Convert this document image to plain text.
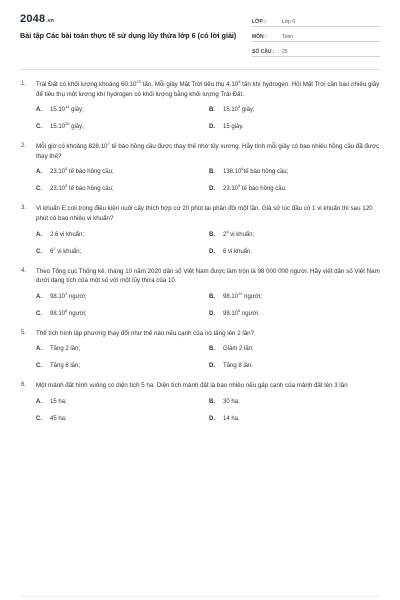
2048.vn
Bài tập Các bài toán thực tế sử dụng lũy thừa lớp 6 (có lời giải)
LỚP :	Lớp 6
MÔN :	Toán
SỐ CÂU :	25
1.	Trái Đất có khối lượng khoảng 60.10$^{20}$ tấn. Mỗi giây Mặt Trời tiêu thụ 4.10$^6$ tấn khí hydrogen. Hỏi Mặt Trời cần bao nhiêu giây để tiêu thụ một lượng khí hydrogen có khối lượng bằng khối lượng Trái Đất.
A.	15.10$^{14}$ giây;	B.	15.10$^3$ giây;
C.	15.10$^{26}$ giây;	D.	15 giây.
2.	Mỗi giờ có khoảng 828.10$^7$ tế bào hồng cầu được thay thế nhờ tủy xương. Hãy tính mỗi giây có bao nhiêu hồng cầu đã được thay thế?
A.	23.10$^5$ tế bào hồng cầu;	B.	138.10$^6$tế bào hồng cầu;
C.	23.10$^3$ tế bào hồng cầu;	D.	23.10$^9$ tế bào hồng cầu.
3.	Vi khuẩn E.coli trong điều kiện nuôi cấy thích hợp cứ 20 phút lại phân đôi một lần. Giả sử lúc đầu có 1 vi khuẩn thì sau 120 phút có bao nhiêu vi khuẩn?
A.	2.6 vi khuẩn;	B.	$2^6$ vi khuẩn;
C.	$6^2$ vi khuẩn;	D.	6 vi khuẩn.
4.	Theo Tổng cục Thống kê, tháng 10 năm 2020 dân số Việt Nam được làm tròn là 98 000 000 người. Hãy viết dân số Việt Nam dưới dạng tích của một số với một lũy thừa của 10.
A.	98.10$^1$ người;	B.	98.10$^{10}$ người;
C.	98.10$^8$ người;	D.	98.10$^6$ người.
5.	Thể tích hình lập phương thay đổi như thế nào nếu cạnh của nó tăng lên 2 lần?
A.	Tăng 2 lần;	B.	Giảm 2 lần;
C.	Tăng 6 lần;	D.	Tăng 8 lần.
6.	Một mảnh đất hình vuông có diện tích 5 ha. Diện tích mảnh đất là bao nhiêu nếu gấp cạnh của mảnh đất lên 3 lần
A.	15 ha;	B.	30 ha;
C.	45 ha;	D.	14 ha.
